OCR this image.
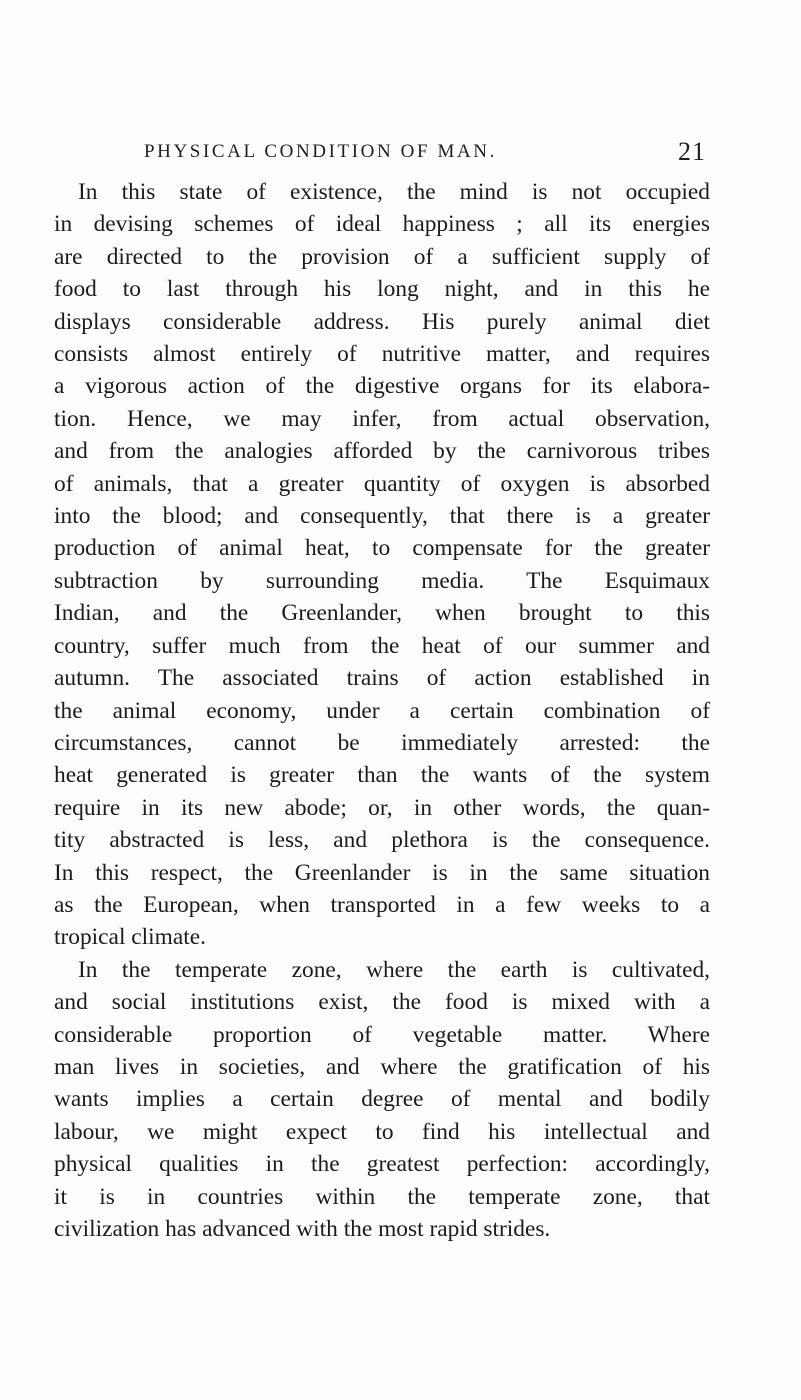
PHYSICAL CONDITION OF MAN.	21
In this state of existence, the mind is not occupied
in devising schemes of ideal happiness ; all its energies
are directed to the provision of a sufficient supply of
food to last through his long night, and in this he
displays considerable address. His purely animal diet
consists almost entirely of nutritive matter, and requires
a vigorous action of the digestive organs for its elabora-
tion. Hence, we may infer, from actual observation,
and from the analogies afforded by the carnivorous tribes
of animals, that a greater quantity of oxygen is absorbed
into the blood; and consequently, that there is a greater
production of animal heat, to compensate for the greater
subtraction by surrounding media. The Esquimaux
Indian, and the Greenlander, when brought to this
country, suffer much from the heat of our summer and
autumn. The associated trains of action established in
the animal economy, under a certain combination of
circumstances, cannot be immediately arrested: the
heat generated is greater than the wants of the system
require in its new abode; or, in other words, the quan-
tity abstracted is less, and plethora is the consequence.
In this respect, the Greenlander is in the same situation
as the European, when transported in a few weeks to a
tropical climate.
In the temperate zone, where the earth is cultivated,
and social institutions exist, the food is mixed with a
considerable proportion of vegetable matter. Where
man lives in societies, and where the gratification of his
wants implies a certain degree of mental and bodily
labour, we might expect to find his intellectual and
physical qualities in the greatest perfection: accordingly,
it is in countries within the temperate zone, that
civilization has advanced with the most rapid strides.
